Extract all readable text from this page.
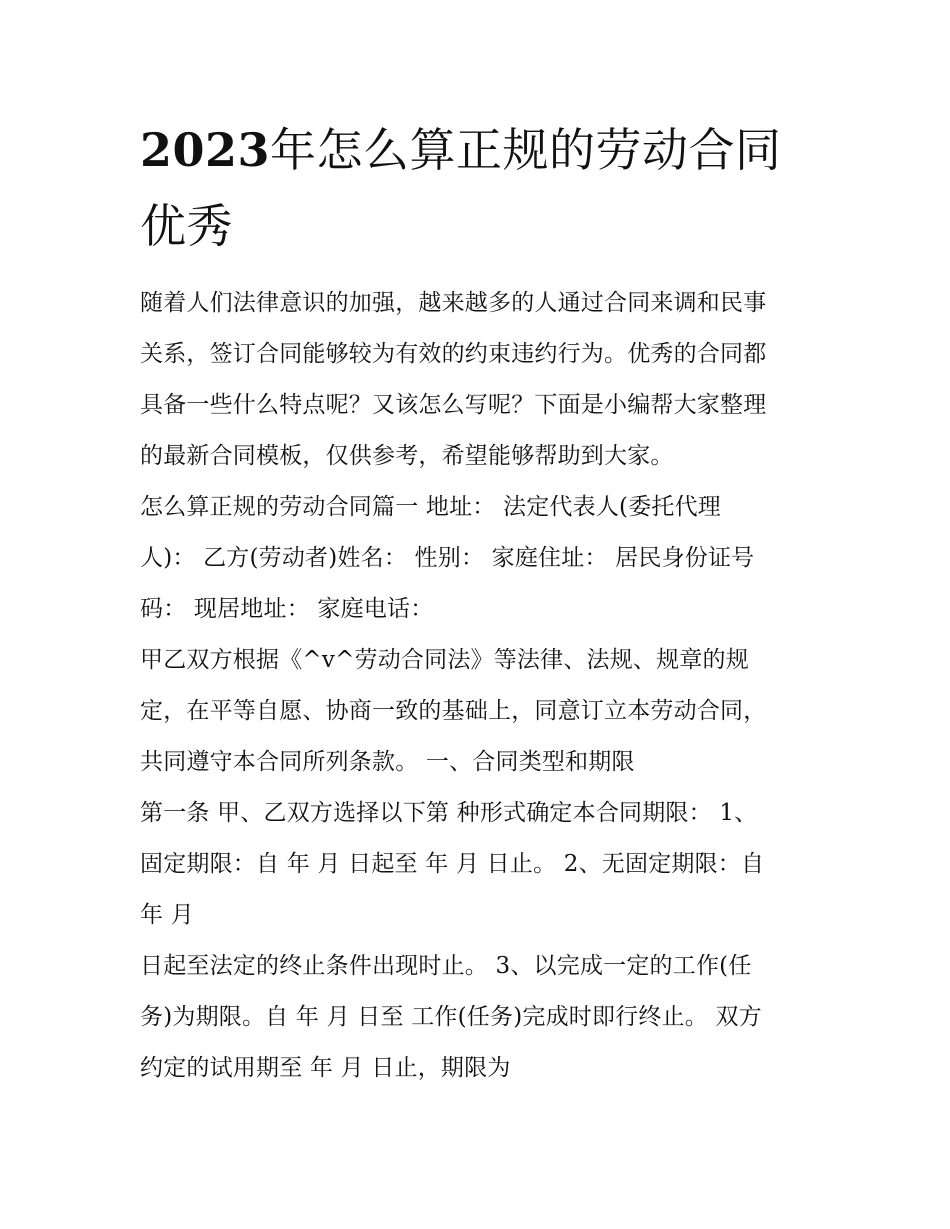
2023年怎么算正规的劳动合同
优秀

随着人们法律意识的加强，越来越多的人通过合同来调和民事
关系，签订合同能够较为有效的约束违约行为。优秀的合同都
具备一些什么特点呢？又该怎么写呢？下面是小编帮大家整理
的最新合同模板，仅供参考，希望能够帮助到大家。

怎么算正规的劳动合同篇一 地址： 法定代表人(委托代理
人)： 乙方(劳动者)姓名： 性别： 家庭住址： 居民身份证号
码： 现居地址： 家庭电话：

甲乙双方根据《^v^劳动合同法》等法律、法规、规章的规
定，在平等自愿、协商一致的基础上，同意订立本劳动合同，
共同遵守本合同所列条款。 一、合同类型和期限

第一条 甲、乙双方选择以下第 种形式确定本合同期限： 1、
固定期限：自 年 月 日起至 年 月 日止。 2、无固定期限：自
年 月

日起至法定的终止条件出现时止。 3、以完成一定的工作(任
务)为期限。自 年 月 日至 工作(任务)完成时即行终止。 双方
约定的试用期至 年 月 日止，期限为
